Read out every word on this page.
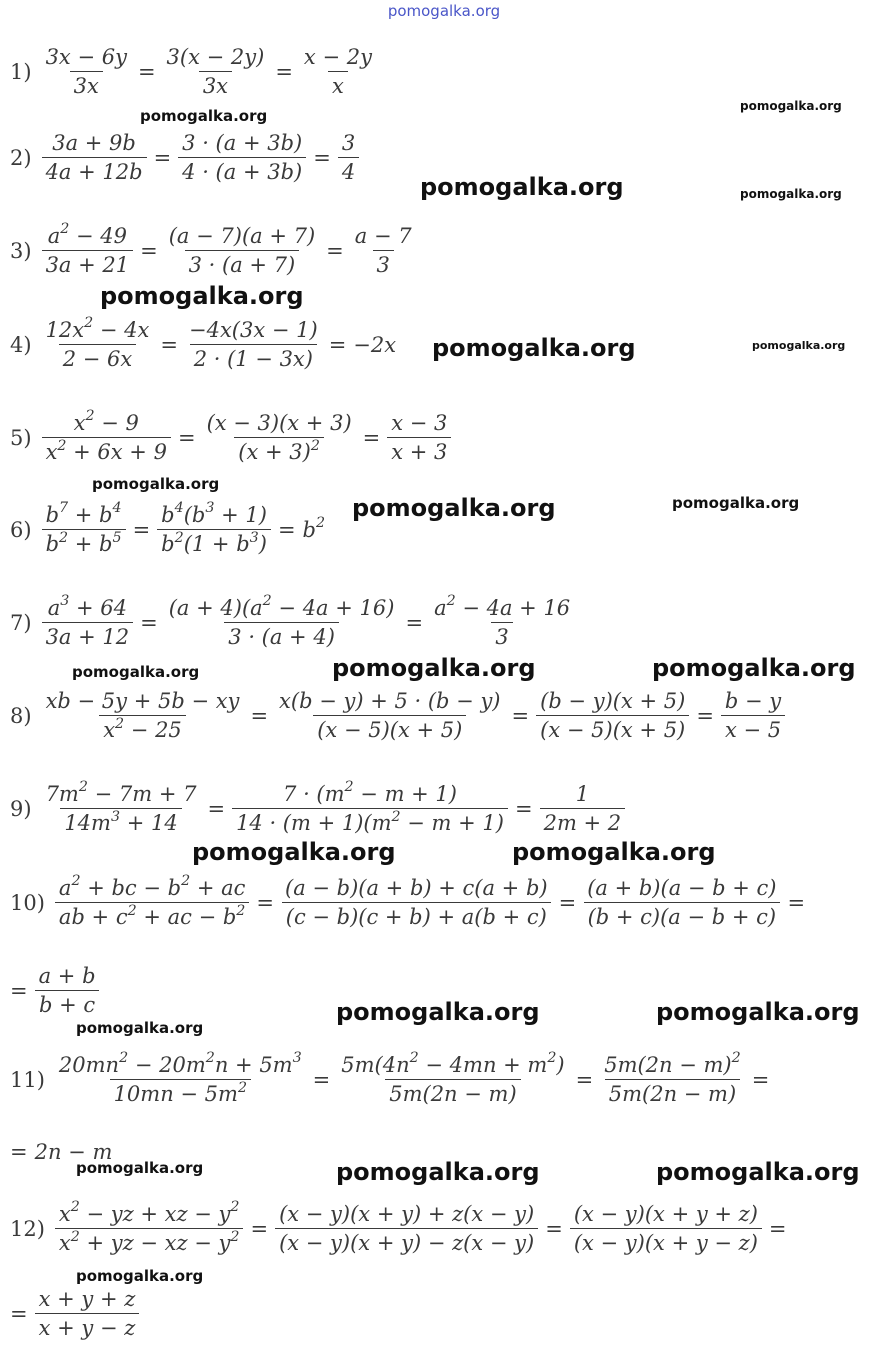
pomogalka.org
$1) \frac{3x - 6y}{3x} = \frac{3(x - 2y)}{3x} = \frac{x - 2y}{x}$
$2) \frac{3a + 9b}{4a + 12b} = \frac{3 \cdot (a + 3b)}{4 \cdot (a + 3b)} = \frac{3}{4}$
$3) \frac{a^2 - 49}{3a + 21} = \frac{(a - 7)(a + 7)}{3 \cdot (a + 7)} = \frac{a - 7}{3}$
$4) \frac{12x^2 - 4x}{2 - 6x} = \frac{-4x(3x - 1)}{2 \cdot (1 - 3x)} = -2x$
$5) \frac{x^2 - 9}{x^2 + 6x + 9} = \frac{(x - 3)(x + 3)}{(x + 3)^2} = \frac{x - 3}{x + 3}$
$6) \frac{b^7 + b^4}{b^2 + b^5} = \frac{b^4(b^3 + 1)}{b^2(1 + b^3)} = b^2$
$7) \frac{a^3 + 64}{3a + 12} = \frac{(a + 4)(a^2 - 4a + 16)}{3 \cdot (a + 4)} = \frac{a^2 - 4a + 16}{3}$
$8) \frac{xb - 5y + 5b - xy}{x^2 - 25} = \frac{x(b - y) + 5 \cdot (b - y)}{(x - 5)(x + 5)} = \frac{(b - y)(x + 5)}{(x - 5)(x + 5)} = \frac{b - y}{x - 5}$
$9) \frac{7m^2 - 7m + 7}{14m^3 + 14} = \frac{7 \cdot (m^2 - m + 1)}{14 \cdot (m + 1)(m^2 - m + 1)} = \frac{1}{2m + 2}$
$10) \frac{a^2 + bc - b^2 + ac}{ab + c^2 + ac - b^2} = \frac{(a - b)(a + b) + c(a + b)}{(c - b)(c + b) + a(b + c)} = \frac{(a + b)(a - b + c)}{(b + c)(a - b + c)}$ =
= $\frac{a + b}{b + c}$
$11) \frac{20mn^2 - 20m^2n + 5m^3}{10mn - 5m^2} = \frac{5m(4n^2 - 4mn + m^2)}{5m(2n - m)} = \frac{5m(2n - m)^2}{5m(2n - m)}$ =
= 2n − m
$12) \frac{x^2 - yz + xz - y^2}{x^2 + yz - xz - y^2} = \frac{(x - y)(x + y) + z(x - y)}{(x - y)(x + y) - z(x - y)} = \frac{(x - y)(x + y + z)}{(x - y)(x + y - z)}$ =
= $\frac{x + y + z}{x + y - z}$
pomogalka.org
pomogalka.org
pomogalka.org	pomogalka.org
pomogalka.org
pomogalka.org	pomogalka.org
pomogalka.org
pomogalka.org	pomogalka.org
pomogalka.org	pomogalka.org	pomogalka.org
pomogalka.org	pomogalka.org
pomogalka.org
pomogalka.org	pomogalka.org
pomogalka.org	pomogalka.org	pomogalka.org
pomogalka.org
